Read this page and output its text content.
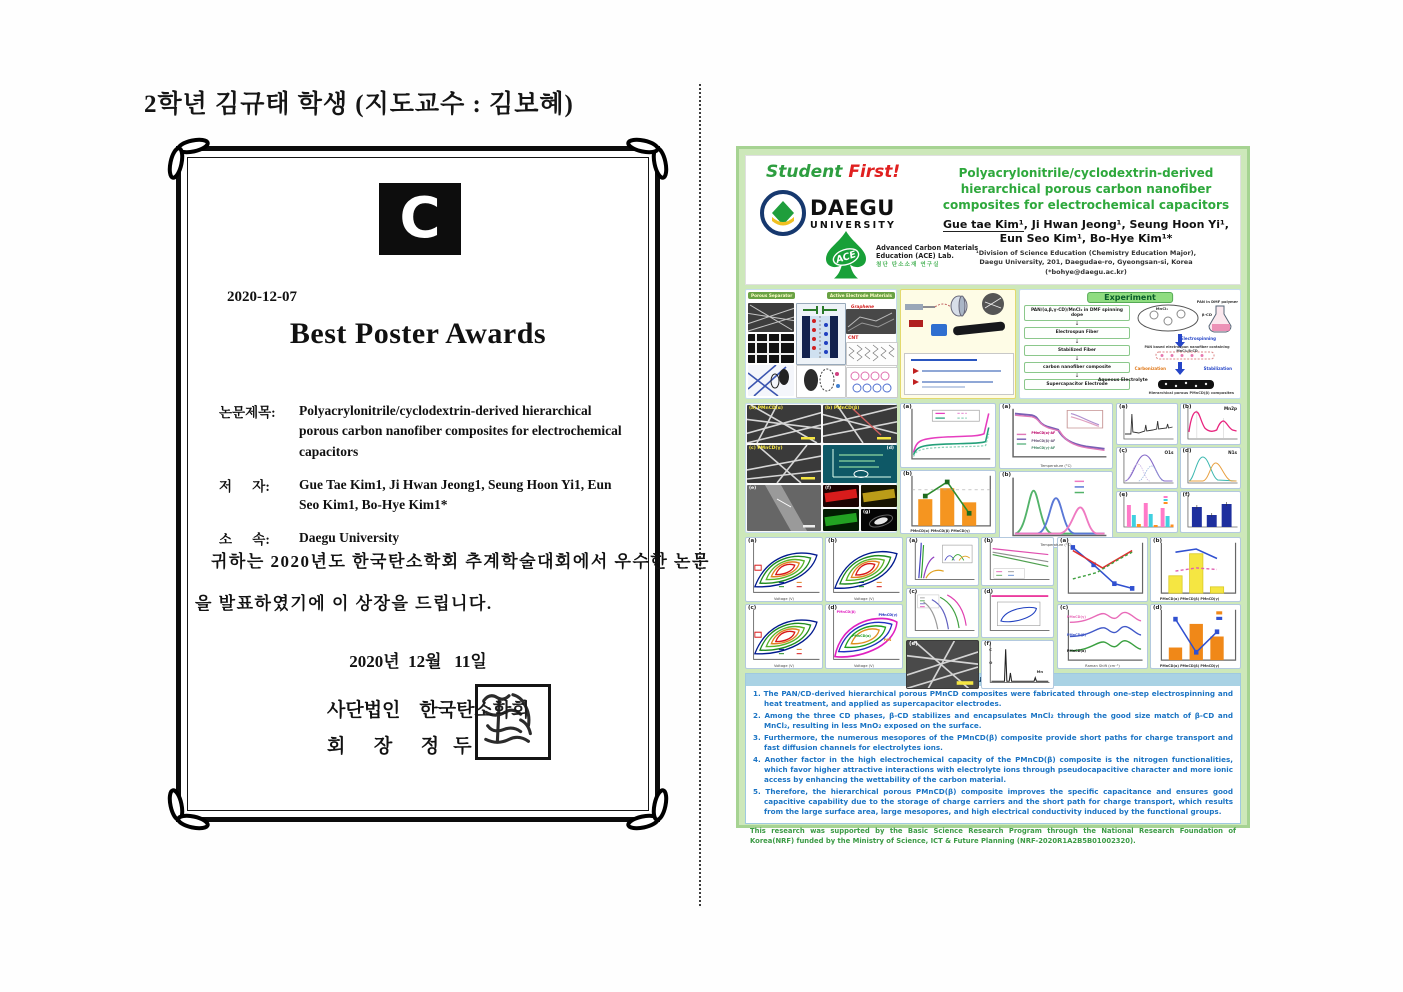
2학년 김규태 학생 (지도교수 : 김보혜)
C
2020-12-07
Best Poster Awards
논문제목:	Polyacrylonitrile/cyclodextrin-derived hierarchical porous carbon nanofiber composites for electrochemical capacitors
저      자:	Gue Tae Kim1, Ji Hwan Jeong1, Seung Hoon Yi1, Eun Seo Kim1, Bo-Hye Kim1*
소      속:	Daegu University
귀하는 2020년도 한국탄소학회 추계학술대회에서 우수한 논문
을 발표하였기에 이 상장을 드립니다.
2020년  12월   11일
사단법인    한국탄소학회
회      장      정   두
Student First!
DAEGU
UNIVERSITY
ACE
Advanced Carbon Materials
Education (ACE) Lab.
첨단 탄소소재 연구실
Polyacrylonitrile/cyclodextrin-derived
hierarchical porous carbon nanofiber
composites for electrochemical capacitors
Gue tae Kim¹, Ji Hwan Jeong¹, Seung Hoon Yi¹,
Eun Seo Kim¹, Bo-Hye Kim¹*
¹Division of Science Education (Chemistry Education Major),
Daegu University, 201, Daegudae-ro, Gyeongsan-si, Korea
(*bohye@daegu.ac.kr)
Porous Separator	Active Electrode Materials
Graphene
CNT
Experiment
PAN/(α,β,γ-CD)/MnCl₂ in DMF spinning dope
↓
Electrospun Fiber
↓
Stabilized Fiber
↓
carbon nanofiber composite
↓
Supercapacitor Electrode
Aqueous Electrolyte
MnCl₂
β-CD
PAN in DMF polymer
Electrospinning
PAN based electrospun nanofiber containing MnCl₂/β-CD
Carbonization	Stabilization
Hierarchical porous PMnCD(β) composites
(a) PMnCD(α)	(b) PMnCD(β)
(c) PMnCD(γ)	(d)
(e)	(f)
(g)
(a)
(b)
PMnCD(α) PMnCD(β) PMnCD(γ)
(a)
PMnCD(α)-AF
PMnCD(β)-AF
PMnCD(γ)-AF
Temperature (°C)
(b)
Temperature (°C)
(a)	(b)	Mn2p
(c)	O1s (d)	N1s
(e)	(f)
(a)
Voltage (V)
(b)
Voltage (V)
(c)
Voltage (V)
(d)
PMnCD(β)
PMnCD(γ)
PMnCD(α)
PAN
Voltage (V)
(a)	(b)
(c)	(d)
(e)	(f)
C
O
Mn
(a)	(b)
PMnCD(α) PMnCD(β) PMnCD(γ)
(c)
PMnCD(γ)
PMnCD(β)
PMnCD(α)
Raman Shift (cm⁻¹)
(d)
PMnCD(α) PMnCD(β) PMnCD(γ)
1. The PAN/CD-derived hierarchical porous PMnCD composites were fabricated through one-step electrospinning and heat treatment, and applied as supercapacitor electrodes.
2. Among the three CD phases, β-CD stabilizes and encapsulates MnCl₂ through the good size match of β-CD and MnCl₂, resulting in less MnO₂ exposed on the surface.
3. Furthermore, the numerous mesopores of the PMnCD(β) composite provide short paths for charge transport and fast diffusion channels for electrolytes ions.
4. Another factor in the high electrochemical capacity of the PMnCD(β) composite is the nitrogen functionalities, which favor higher attractive interactions with electrolyte ions through pseudocapacitive character and more ionic access by enhancing the wettability of the carbon material.
5. Therefore, the hierarchical porous PMnCD(β) composite improves the specific capacitance and ensures good capacitive capability due to the storage of charge carriers and the short path for charge transport, which results from the large surface area, large mesopores, and high electrical conductivity induced by the functional groups.
This research was supported by the Basic Science Research Program through the National Research Foundation of Korea(NRF) funded by the Ministry of Science, ICT & Future Planning (NRF-2020R1A2B5B01002320).
